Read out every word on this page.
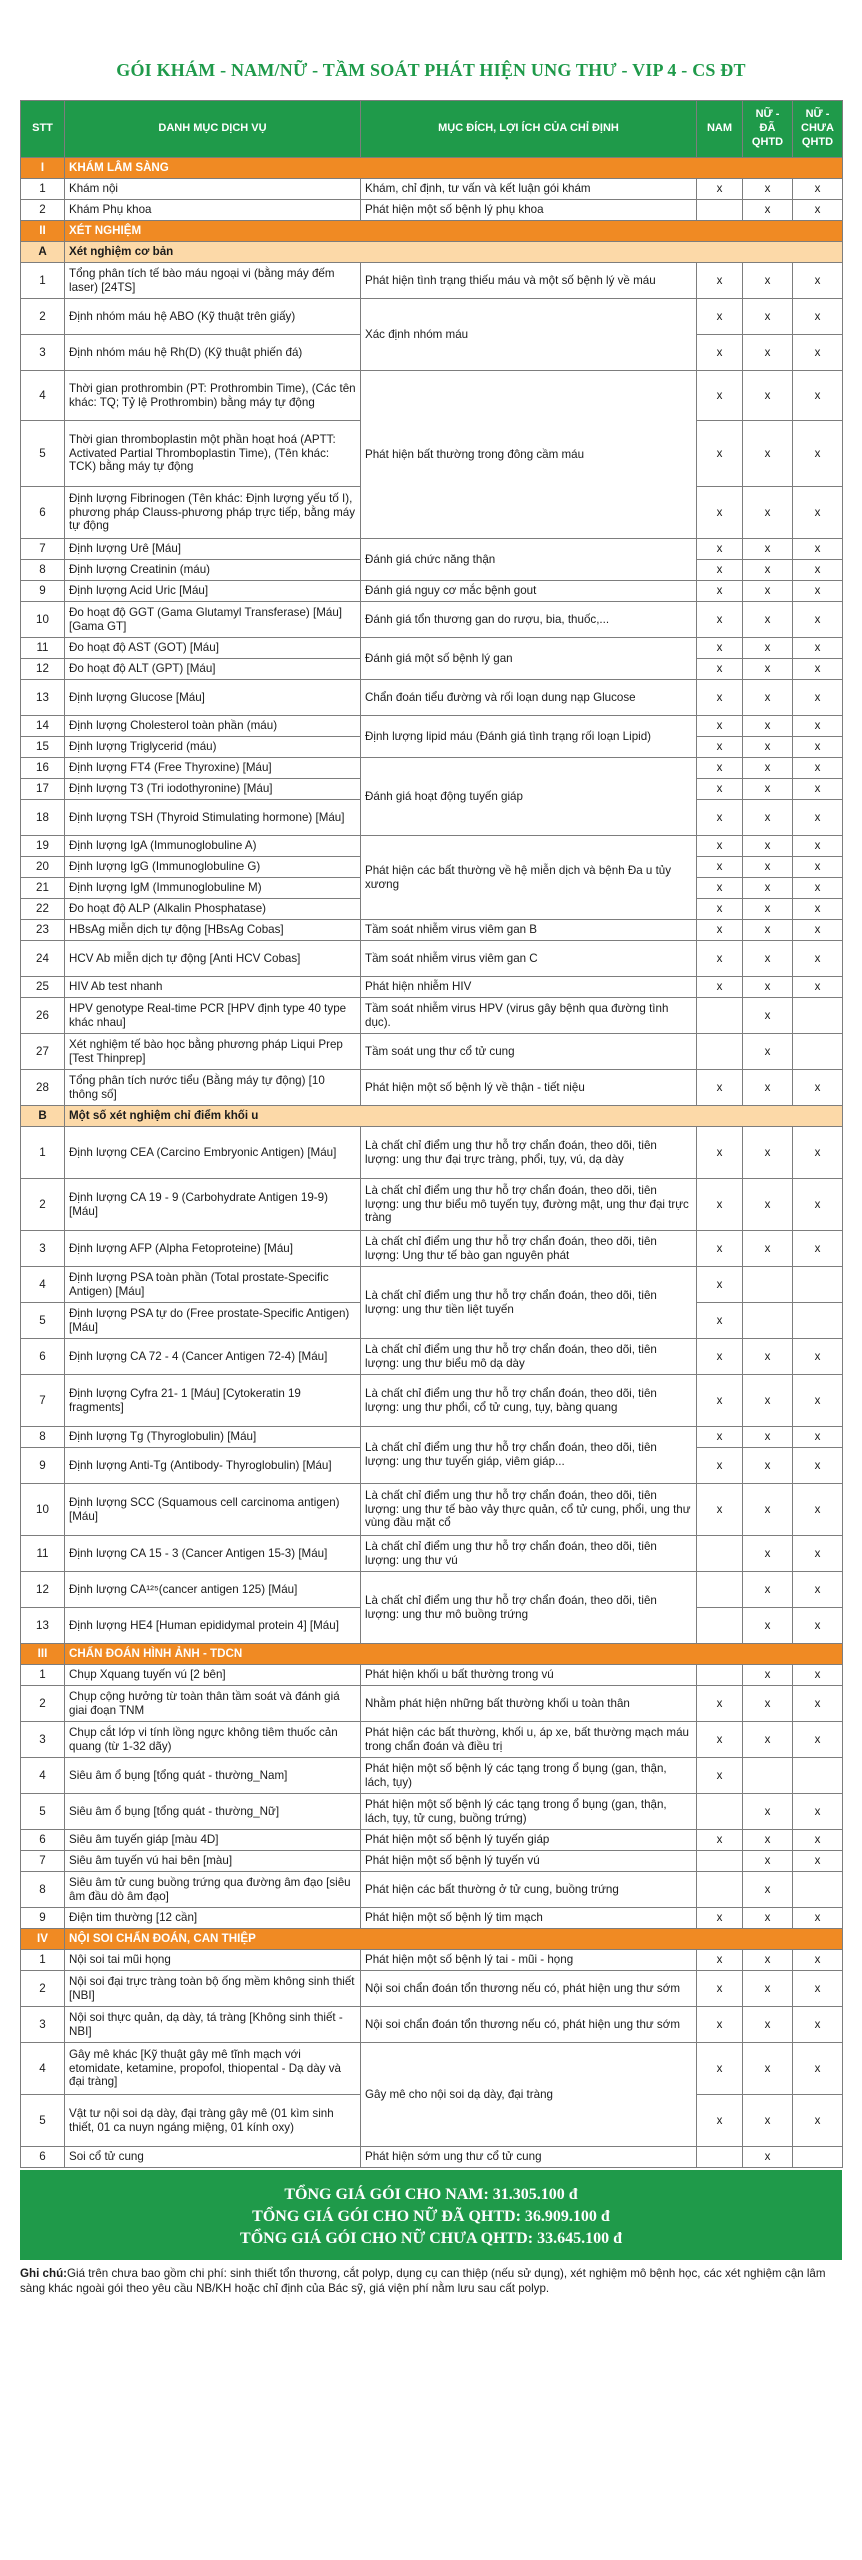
GÓI KHÁM - NAM/NỮ - TẦM SOÁT PHÁT HIỆN UNG THƯ - VIP 4 - CS ĐT
STT	DANH MỤC DỊCH VỤ	MỤC ĐÍCH, LỢI ÍCH CỦA CHỈ ĐỊNH	NAM	NỮ - ĐÃ QHTD	NỮ - CHƯA QHTD
I	KHÁM LÂM SÀNG				
1	Khám nội	Khám, chỉ định, tư vấn và kết luận gói khám	x	x	x
2	Khám Phụ khoa	Phát hiện một số bệnh lý phụ khoa		x	x
II	XÉT NGHIỆM				
A	Xét nghiệm cơ bản				
1	Tổng phân tích tế bào máu ngoại vi (bằng máy đếm laser) [24TS]	Phát hiện tình trạng thiếu máu và một số bệnh lý về máu	x	x	x
2	Định nhóm máu hệ ABO (Kỹ thuật trên giấy)	Xác định nhóm máu	x	x	x
3	Định nhóm máu hệ Rh(D) (Kỹ thuật phiến đá)		x	x	x
4	Thời gian prothrombin (PT: Prothrombin Time), (Các tên khác: TQ; Tỷ lệ Prothrombin) bằng máy tự động	Phát hiện bất thường trong đông cầm máu	x	x	x
5	Thời gian thromboplastin một phần hoạt hoá (APTT: Activated Partial Thromboplastin Time), (Tên khác: TCK) bằng máy tự động		x	x	x
6	Định lượng Fibrinogen (Tên khác: Định lượng yếu tố I), phương pháp Clauss-phương pháp trực tiếp, bằng máy tự động		x	x	x
7	Định lượng Urê [Máu]	Đánh giá chức năng thận	x	x	x
8	Định lượng Creatinin (máu)		x	x	x
9	Định lượng Acid Uric [Máu]	Đánh giá nguy cơ mắc bệnh gout	x	x	x
10	Đo hoạt độ GGT (Gama Glutamyl Transferase) [Máu] [Gama GT]	Đánh giá tổn thương gan do rượu, bia, thuốc,...	x	x	x
11	Đo hoạt độ AST (GOT) [Máu]	Đánh giá một số bệnh lý gan	x	x	x
12	Đo hoạt độ ALT (GPT) [Máu]		x	x	x
13	Định lượng Glucose [Máu]	Chẩn đoán tiểu đường và rối loạn dung nạp Glucose	x	x	x
14	Định lượng Cholesterol toàn phần (máu)	Định lượng lipid máu (Đánh giá tình trạng rối loạn Lipid)	x	x	x
15	Định lượng Triglycerid (máu)		x	x	x
16	Định lượng FT4 (Free Thyroxine) [Máu]	Đánh giá hoạt động tuyến giáp	x	x	x
17	Định lượng T3 (Tri iodothyronine) [Máu]		x	x	x
18	Định lượng TSH (Thyroid Stimulating hormone) [Máu]		x	x	x
19	Định lượng IgA (Immunoglobuline A)	Phát hiện các bất thường về hệ miễn dịch và bệnh Đa u tủy xương	x	x	x
20	Định lượng IgG (Immunoglobuline G)		x	x	x
21	Định lượng IgM (Immunoglobuline M)		x	x	x
22	Đo hoạt độ ALP (Alkalin Phosphatase)		x	x	x
23	HBsAg miễn dịch tự động [HBsAg Cobas]	Tầm soát nhiễm virus viêm gan B	x	x	x
24	HCV Ab miễn dịch tự động [Anti HCV Cobas]	Tầm soát nhiễm virus viêm gan C	x	x	x
25	HIV Ab test nhanh	Phát hiện nhiễm HIV	x	x	x
26	HPV genotype Real-time PCR [HPV định type 40 type khác nhau]	Tầm soát nhiễm virus HPV (virus gây bệnh qua đường tình dục).		x	
27	Xét nghiệm tế bào học bằng phương pháp Liqui Prep [Test Thinprep]	Tầm soát ung thư cổ tử cung		x	
28	Tổng phân tích nước tiểu (Bằng máy tự động) [10 thông số]	Phát hiện một số bệnh lý về thận - tiết niệu	x	x	x
B	Một số xét nghiệm chỉ điểm khối u				
1	Định lượng CEA (Carcino Embryonic Antigen) [Máu]	Là chất chỉ điểm ung thư hỗ trợ chẩn đoán, theo dõi, tiên lượng: ung thư đại trực tràng, phổi, tụy, vú, dạ dày	x	x	x
2	Định lượng CA 19 - 9 (Carbohydrate Antigen 19-9) [Máu]	Là chất chỉ điểm ung thư hỗ trợ chẩn đoán, theo dõi, tiên lượng: ung thư biểu mô tuyến tụy, đường mật, ung thư đại trực tràng	x	x	x
3	Định lượng AFP (Alpha Fetoproteine) [Máu]	Là chất chỉ điểm ung thư hỗ trợ chẩn đoán, theo dõi, tiên lượng: Ung thư tế bào gan nguyên phát	x	x	x
4	Định lượng PSA toàn phần (Total prostate-Specific Antigen) [Máu]	Là chất chỉ điểm ung thư hỗ trợ chẩn đoán, theo dõi, tiên lượng: ung thư tiền liệt tuyến	x		
5	Định lượng PSA tự do (Free prostate-Specific Antigen) [Máu]		x		
6	Định lượng CA 72 - 4 (Cancer Antigen 72-4) [Máu]	Là chất chỉ điểm ung thư hỗ trợ chẩn đoán, theo dõi, tiên lượng: ung thư biểu mô dạ dày	x	x	x
7	Định lượng Cyfra 21- 1 [Máu] [Cytokeratin 19 fragments]	Là chất chỉ điểm ung thư hỗ trợ chẩn đoán, theo dõi, tiên lượng: ung thư phổi, cổ tử cung, tụy, bàng quang	x	x	x
8	Định lượng Tg (Thyroglobulin) [Máu]	Là chất chỉ điểm ung thư hỗ trợ chẩn đoán, theo dõi, tiên lượng: ung thư tuyến giáp, viêm giáp...	x	x	x
9	Định lượng Anti-Tg (Antibody- Thyroglobulin) [Máu]		x	x	x
10	Định lượng SCC (Squamous cell carcinoma antigen) [Máu]	Là chất chỉ điểm ung thư hỗ trợ chẩn đoán, theo dõi, tiên lượng: ung thư tế bào vảy thực quản, cổ tử cung, phổi, ung thư vùng đầu mặt cổ	x	x	x
11	Định lượng CA 15 - 3 (Cancer Antigen 15-3) [Máu]	Là chất chỉ điểm ung thư hỗ trợ chẩn đoán, theo dõi, tiên lượng: ung thư vú		x	x
12	Định lượng CA¹²⁵(cancer antigen 125) [Máu]	Là chất chỉ điểm ung thư hỗ trợ chẩn đoán, theo dõi, tiên lượng: ung thư mô buồng trứng		x	x
13	Định lượng HE4 [Human epididymal protein 4] [Máu]			x	x
III	CHẨN ĐOÁN HÌNH ẢNH - TDCN				
1	Chụp Xquang tuyến vú [2 bên]	Phát hiện khối u bất thường trong vú		x	x
2	Chụp cộng hưởng từ toàn thân tầm soát và đánh giá giai đoạn TNM	Nhằm phát hiện những bất thường khối u toàn thân	x	x	x
3	Chụp cắt lớp vi tính lồng ngực không tiêm thuốc cản quang (từ 1-32 dãy)	Phát hiện các bất thường, khối u, áp xe, bất thường mạch máu trong chẩn đoán và điều trị	x	x	x
4	Siêu âm ổ bụng [tổng quát - thường_Nam]	Phát hiện một số bệnh lý các tạng trong ổ bụng (gan, thận, lách, tụy)	x		
5	Siêu âm ổ bụng [tổng quát - thường_Nữ]	Phát hiện một số bệnh lý các tạng trong ổ bụng (gan, thận, lách, tụy, tử cung, buồng trứng)		x	x
6	Siêu âm tuyến giáp [màu 4D]	Phát hiện một số bệnh lý tuyến giáp	x	x	x
7	Siêu âm tuyến vú hai bên [màu]	Phát hiện một số bệnh lý tuyến vú		x	x
8	Siêu âm tử cung buồng trứng qua đường âm đạo [siêu âm đầu dò âm đạo]	Phát hiện các bất thường ở tử cung, buồng trứng		x	
9	Điện tim thường [12 cần]	Phát hiện một số bệnh lý tim mạch	x	x	x
IV	NỘI SOI CHẨN ĐOÁN, CAN THIỆP				
1	Nội soi tai mũi họng	Phát hiện một số bệnh lý tai - mũi - họng	x	x	x
2	Nội soi đại trực tràng toàn bộ ống mềm không sinh thiết [NBI]	Nội soi chẩn đoán tổn thương nếu có, phát hiện ung thư sớm	x	x	x
3	Nội soi thực quản, dạ dày, tá tràng [Không sinh thiết - NBI]	Nội soi chẩn đoán tổn thương nếu có, phát hiện ung thư sớm	x	x	x
4	Gây mê khác [Kỹ thuật gây mê tĩnh mạch với etomidate, ketamine, propofol, thiopental - Dạ dày và đại tràng]	Gây mê cho nội soi dạ dày, đại tràng	x	x	x
5	Vật tư nội soi dạ dày, đại tràng gây mê (01 kìm sinh thiết, 01 ca nuyn ngáng miệng, 01 kính oxy)		x	x	x
6	Soi cổ tử cung	Phát hiện sớm ung thư cổ tử cung		x	
TỔNG GIÁ GÓI CHO NAM: 31.305.100 đ
TỔNG GIÁ GÓI CHO NỮ ĐÃ QHTD: 36.909.100 đ
TỔNG GIÁ GÓI CHO NỮ CHƯA QHTD: 33.645.100 đ
Ghi chú:Giá trên chưa bao gồm chi phí: sinh thiết tổn thương, cắt polyp, dụng cụ can thiệp (nếu sử dụng), xét nghiệm mô bệnh học, các xét nghiệm cận lâm sàng khác ngoài gói theo yêu cầu NB/KH hoặc chỉ định của Bác sỹ, giá viện phí nằm lưu sau cất polyp.
